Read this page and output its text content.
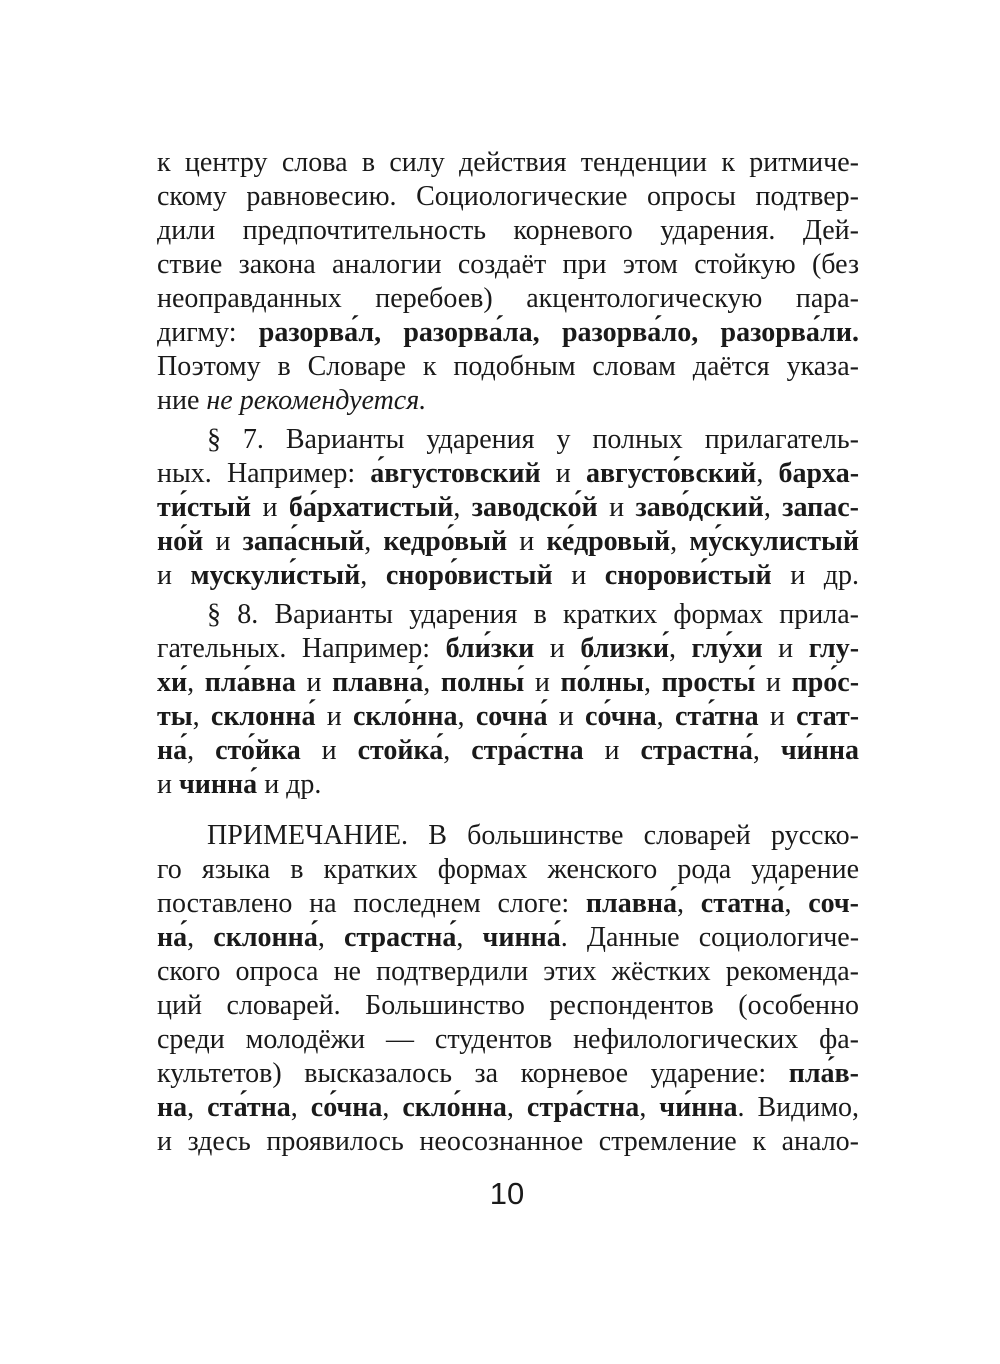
к центру слова в силу действия тенденции к ритмиче-
скому равновесию. Социологические опросы подтвер-
дили предпочтительность корневого ударения. Дей-
ствие закона аналогии создаёт при этом стойкую (без
неоправданных перебоев) акцентологическую пара-
дигму: разорва́л, разорва́ла, разорва́ло, разорва́ли.
Поэтому в Словаре к подобным словам даётся указа-
ние не рекомендуется.
§ 7. Варианты ударения у полных прилагатель-
ных. Например: а́вгустовский и августо́вский, барха-
ти́стый и ба́рхатистый, заводско́й и заво́дский, запас-
но́й и запа́сный, кедро́вый и ке́дровый, му́скулистый
и мускули́стый, сноро́вистый и снорови́стый и др.
§ 8. Варианты ударения в кратких формах прила-
гательных. Например: бли́зки и близки́, глу́хи и глу-
хи́, пла́вна и плавна́, полны́ и по́лны, просты́ и про́с-
ты, склонна́ и скло́нна, сочна́ и со́чна, ста́тна и стат-
на́, сто́йка и стойка́, стра́стна и страстна́, чи́нна
и чинна́ и др.
ПРИМЕЧАНИЕ. В большинстве словарей русско-
го языка в кратких формах женского рода ударение
поставлено на последнем слоге: плавна́, статна́, соч-
на́, склонна́, страстна́, чинна́. Данные социологиче-
ского опроса не подтвердили этих жёстких рекоменда-
ций словарей. Большинство респондентов (особенно
среди молодёжи — студентов нефилологических фа-
культетов) высказалось за корневое ударение: пла́в-
на, ста́тна, со́чна, скло́нна, стра́стна, чи́нна. Видимо,
и здесь проявилось неосознанное стремление к анало-
10
